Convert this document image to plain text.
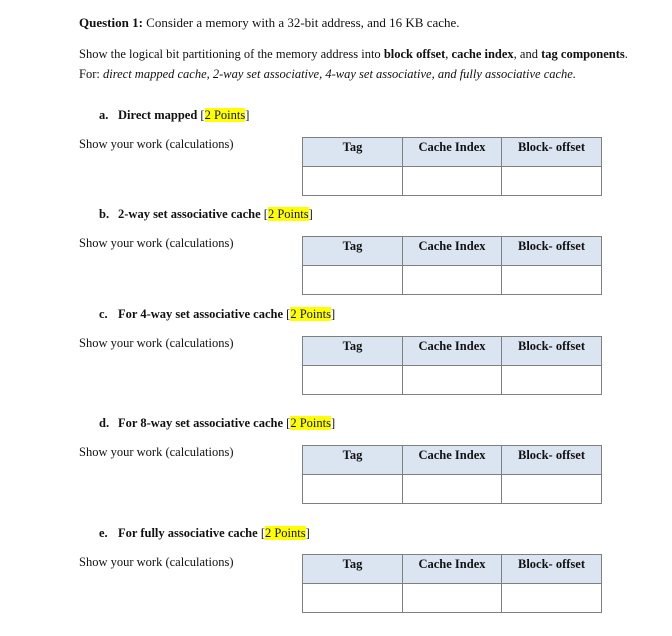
Question 1: Consider a memory with a 32-bit address, and 16 KB cache.
Show the logical bit partitioning of the memory address into block offset, cache index, and tag components. For: direct mapped cache, 2-way set associative, 4-way set associative, and fully associative cache.
a. Direct mapped [2 Points]
Show your work (calculations)	Tag	Cache Index	Block- offset

b. 2-way set associative cache [2 Points]
Show your work (calculations)	Tag	Cache Index	Block- offset

c. For 4-way set associative cache [2 Points]
Show your work (calculations)	Tag	Cache Index	Block- offset

d. For 8-way set associative cache [2 Points]
Show your work (calculations)	Tag	Cache Index	Block- offset

e. For fully associative cache [2 Points]
Show your work (calculations)	Tag	Cache Index	Block- offset
